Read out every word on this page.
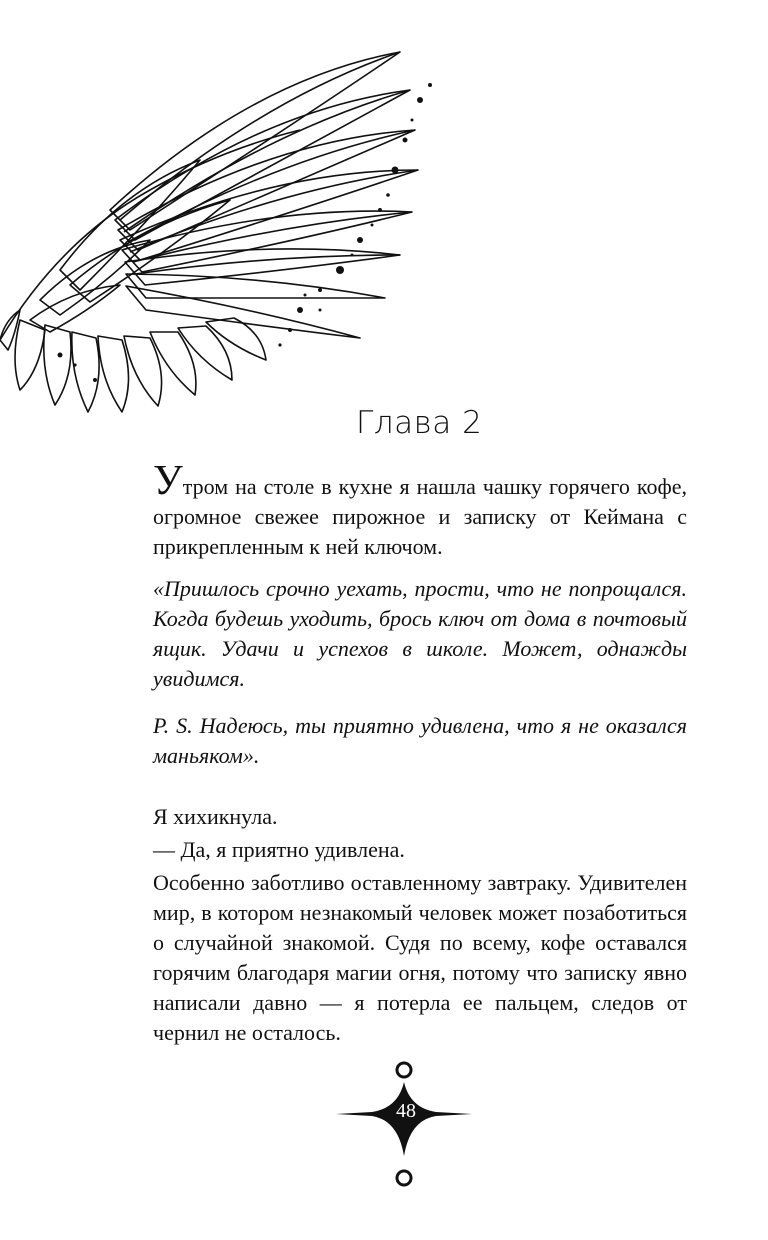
Глава 2
Утром на столе в кухне я нашла чашку горячего кофе, огромное свежее пирожное и записку от Кеймана с прикрепленным к ней ключом.
«Пришлось срочно уехать, прости, что не попрощался. Когда будешь уходить, брось ключ от дома в почтовый ящик. Удачи и успехов в школе. Может, однажды увидимся.
P. S. Надеюсь, ты приятно удивлена, что я не оказался маньяком».
Я хихикнула.
— Да, я приятно удивлена.
Особенно заботливо оставленному завтраку. Удивителен мир, в котором незнакомый человек может позаботиться о случайной знакомой. Судя по всему, кофе оставался горячим благодаря магии огня, потому что записку явно написали давно — я потерла ее пальцем, следов от чернил не осталось.
48
